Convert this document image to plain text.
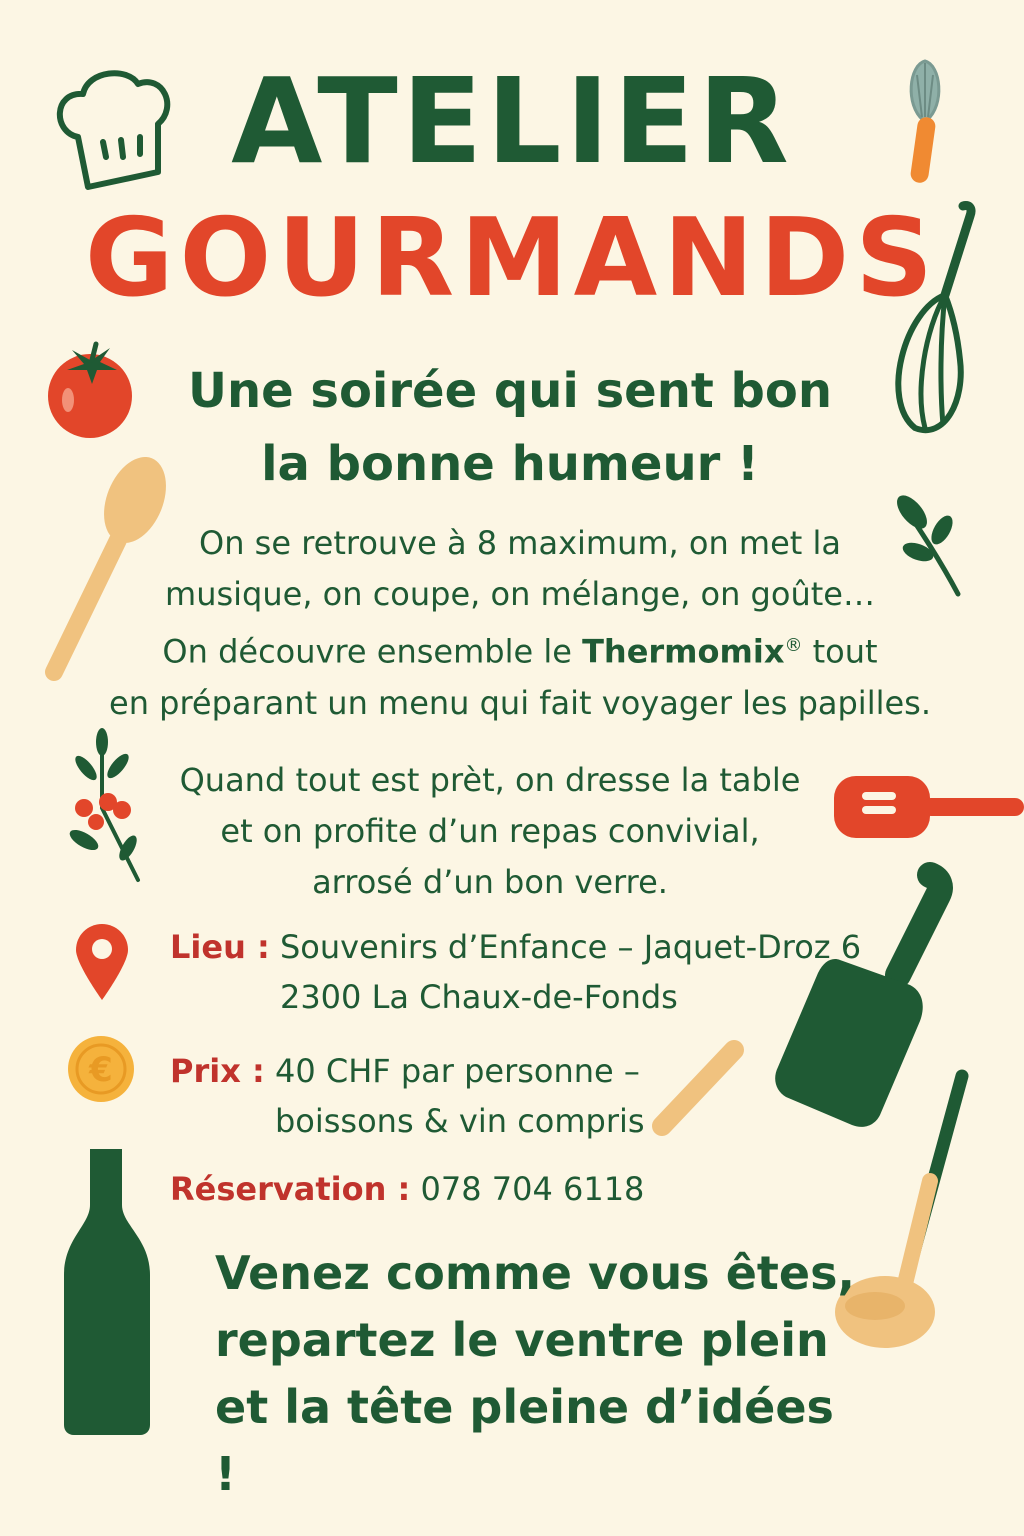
ATELIER
GOURMANDS
Une soirée qui sent bon
la bonne humeur !
On se retrouve à 8 maximum, on met la
musique, on coupe, on mélange, on goûte…
On découvre ensemble le Thermomix® tout
en préparant un menu qui fait voyager les papilles.
Quand tout est prèt, on dresse la table
et on profite d’un repas convivial,
arrosé d’un bon verre.
Lieu : Souvenirs d’Enfance – Jaquet-Droz 6
2300 La Chaux-de-Fonds
€ Prix : 40 CHF par personne –
boissons & vin compris
Réservation : 078 704 6118
Venez comme vous êtes,
repartez le ventre plein
et la tête pleine d’idées !
